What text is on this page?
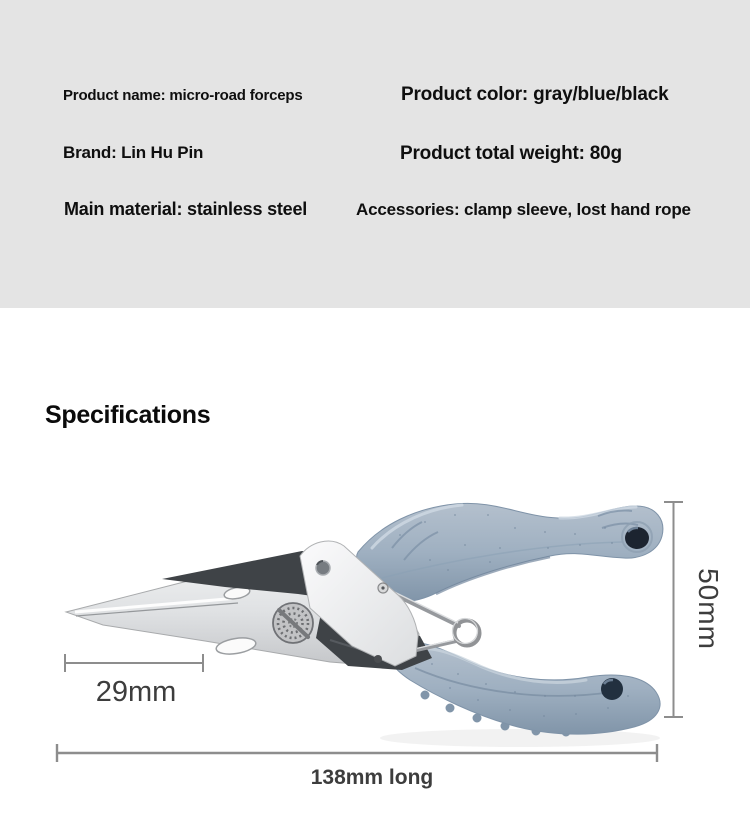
Product name: micro-road forceps	Product color: gray/blue/black
Brand: Lin Hu Pin	Product total weight: 80g
Main material: stainless steel	Accessories: clamp sleeve, lost hand rope
Specifications
50mm
29mm
138mm long
